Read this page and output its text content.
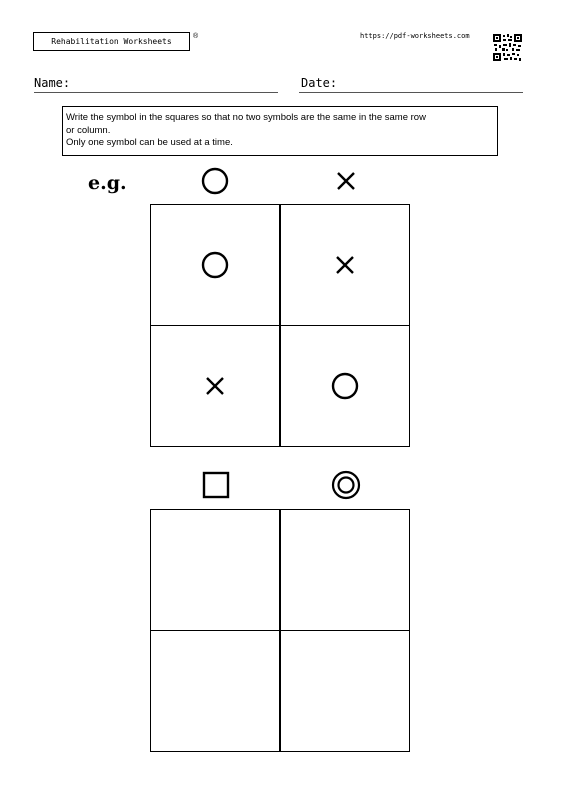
Rehabilitation Worksheets
®	https://pdf-worksheets.com
Name:	Date:
Write the symbol in the squares so that no two symbols are the same in the same row
or column.
Only one symbol can be used at a time.
e.g.
